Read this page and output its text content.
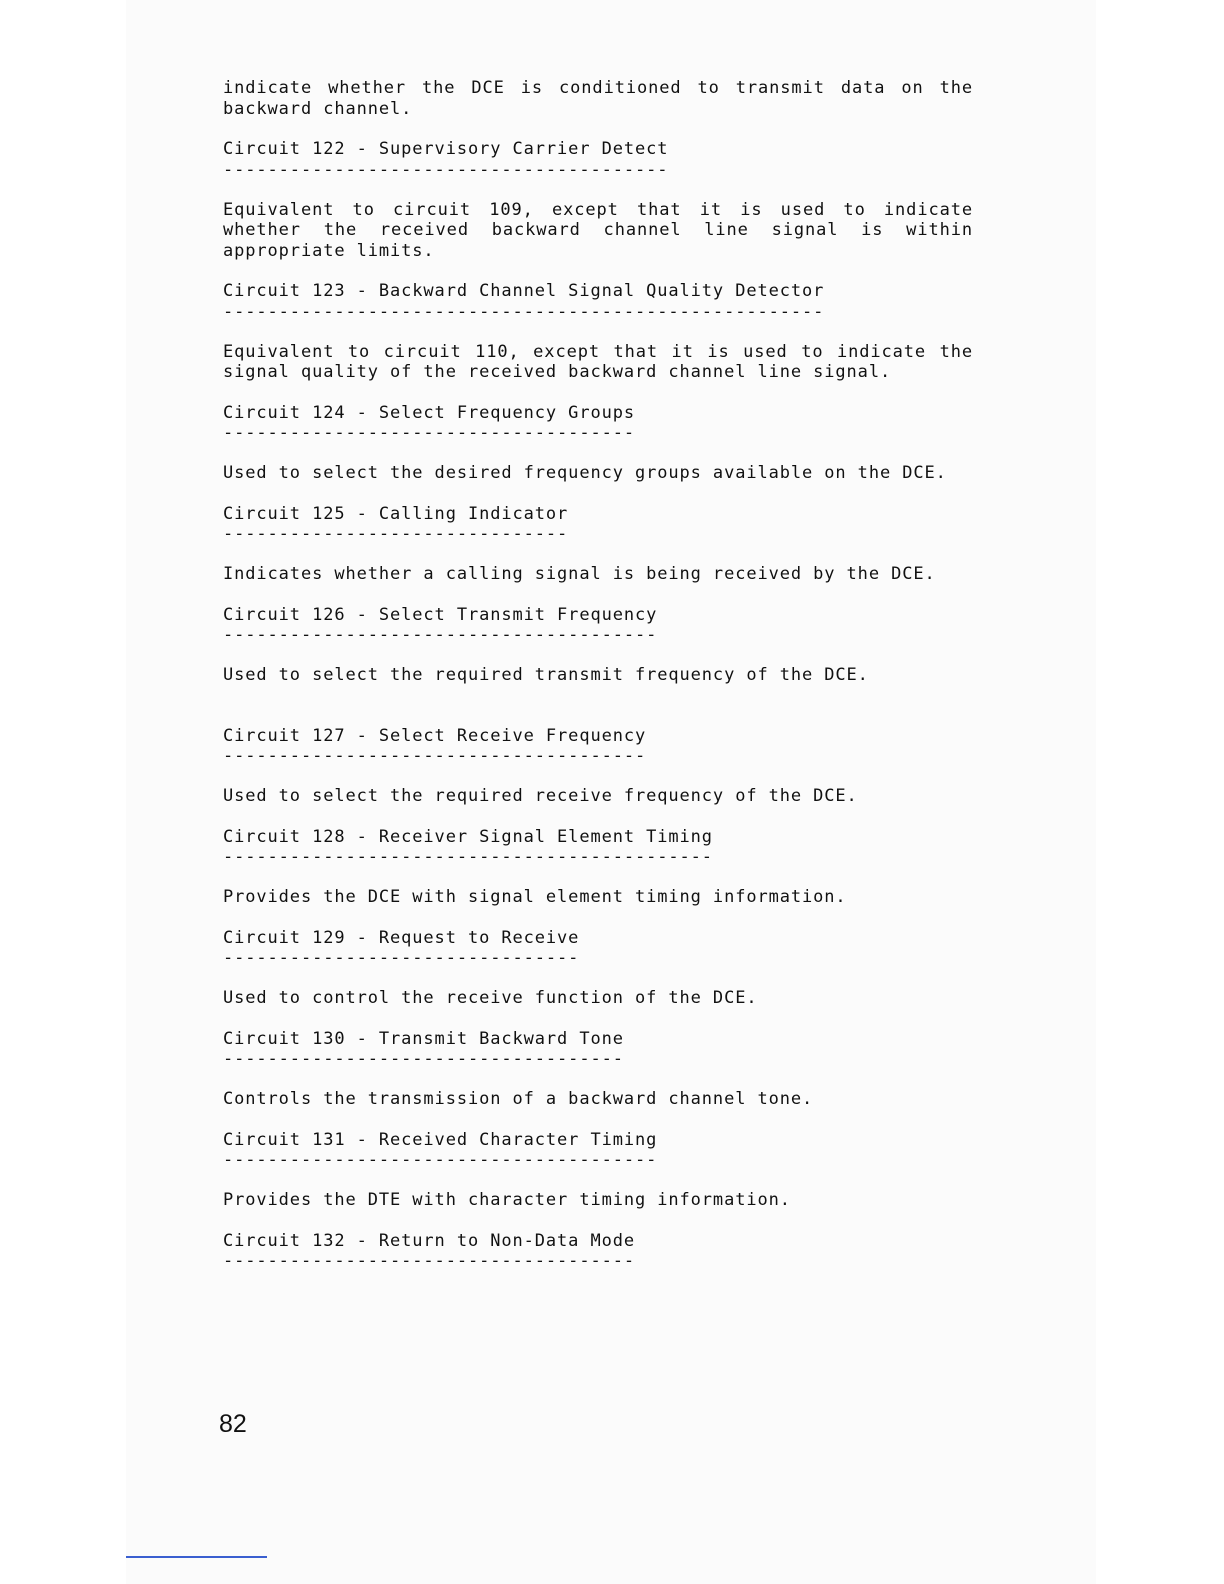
indicate whether the DCE is conditioned to transmit data on the backward channel.

Circuit 122 - Supervisory Carrier Detect
----------------------------------------

Equivalent to circuit 109, except that it is used to indicate whether the received backward channel line signal is within appropriate limits.

Circuit 123 - Backward Channel Signal Quality Detector
------------------------------------------------------

Equivalent to circuit 110, except that it is used to indicate the signal quality of the received backward channel line signal.

Circuit 124 - Select Frequency Groups
-------------------------------------

Used to select the desired frequency groups available on the DCE.

Circuit 125 - Calling Indicator
-------------------------------

Indicates whether a calling signal is being received by the DCE.

Circuit 126 - Select Transmit Frequency
---------------------------------------

Used to select the required transmit frequency of the DCE.

Circuit 127 - Select Receive Frequency
--------------------------------------

Used to select the required receive frequency of the DCE.

Circuit 128 - Receiver Signal Element Timing
--------------------------------------------

Provides the DCE with signal element timing information.

Circuit 129 - Request to Receive
--------------------------------

Used to control the receive function of the DCE.

Circuit 130 - Transmit Backward Tone
------------------------------------

Controls the transmission of a backward channel tone.

Circuit 131 - Received Character Timing
---------------------------------------

Provides the DTE with character timing information.

Circuit 132 - Return to Non-Data Mode
-------------------------------------
82
